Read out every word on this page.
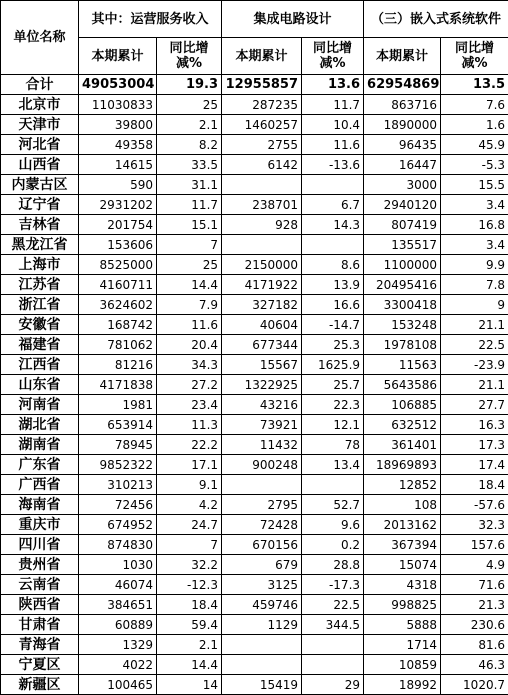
单位名称	其中：运营服务收入		集成电路设计		（三）嵌入式系统软件	
	本期累计	同比增减%	本期累计	同比增减%	本期累计	同比增减%
合计	49053004	19.3	12955857	13.6	62954869	13.5
北京市	11030833	25	287235	11.7	863716	7.6
天津市	39800	2.1	1460257	10.4	1890000	1.6
河北省	49358	8.2	2755	11.6	96435	45.9
山西省	14615	33.5	6142	-13.6	16447	-5.3
内蒙古区	590	31.1			3000	15.5
辽宁省	2931202	11.7	238701	6.7	2940120	3.4
吉林省	201754	15.1	928	14.3	807419	16.8
黑龙江省	153606	7			135517	3.4
上海市	8525000	25	2150000	8.6	1100000	9.9
江苏省	4160711	14.4	4171922	13.9	20495416	7.8
浙江省	3624602	7.9	327182	16.6	3300418	9
安徽省	168742	11.6	40604	-14.7	153248	21.1
福建省	781062	20.4	677344	25.3	1978108	22.5
江西省	81216	34.3	15567	1625.9	11563	-23.9
山东省	4171838	27.2	1322925	25.7	5643586	21.1
河南省	1981	23.4	43216	22.3	106885	27.7
湖北省	653914	11.3	73921	12.1	632512	16.3
湖南省	78945	22.2	11432	78	361401	17.3
广东省	9852322	17.1	900248	13.4	18969893	17.4
广西省	310213	9.1			12852	18.4
海南省	72456	4.2	2795	52.7	108	-57.6
重庆市	674952	24.7	72428	9.6	2013162	32.3
四川省	874830	7	670156	0.2	367394	157.6
贵州省	1030	32.2	679	28.8	15074	4.9
云南省	46074	-12.3	3125	-17.3	4318	71.6
陕西省	384651	18.4	459746	22.5	998825	21.3
甘肃省	60889	59.4	1129	344.5	5888	230.6
青海省	1329	2.1			1714	81.6
宁夏区	4022	14.4			10859	46.3
新疆区	100465	14	15419	29	18992	1020.7
